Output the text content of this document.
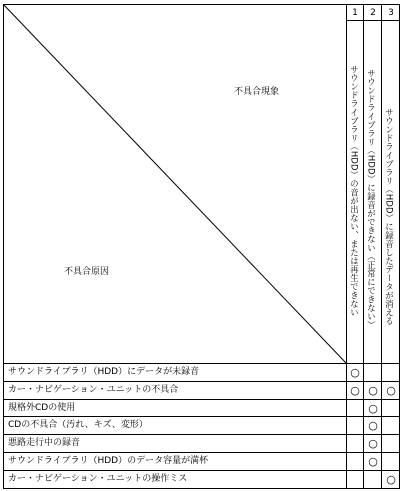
不具合現象
不具合原因
1	2	3
サウンドライブラリ（HDD）の音が出ない、または再生できない サウンドライブラリ（HDD）に録音ができない（正常にできない） サウンドライブラリ（HDD）に録音したデータが消える
サウンドライブラリ（HDD）にデータが未録音
カー・ナビゲーション・ユニットの不具合
規格外CDの使用
CDの不具合（汚れ、キズ、変形）
悪路走行中の録音
サウンドライブラリ（HDD）のデータ容量が満杯
カー・ナビゲーション・ユニットの操作ミス
○
○ ○ ○
○
○
○
○
○
